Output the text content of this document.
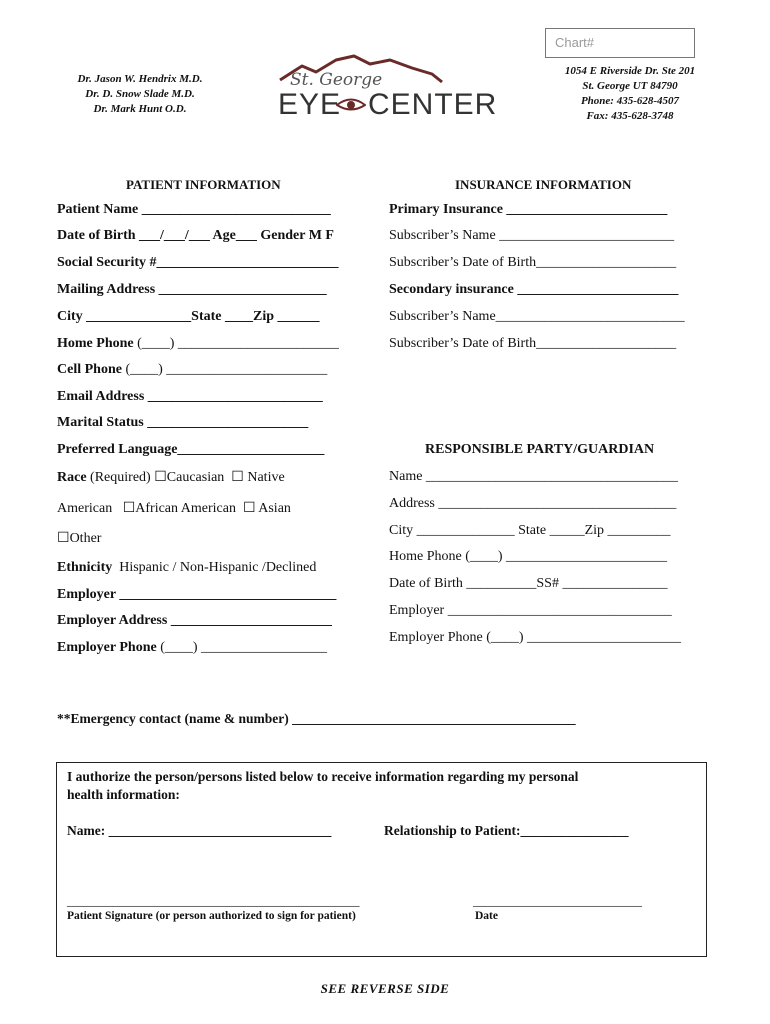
Chart#
Dr. Jason W. Hendrix M.D.
Dr. D. Snow Slade M.D.
Dr. Mark Hunt O.D.
St. George
EYE CENTER
1054 E Riverside Dr. Ste 201
St. George UT 84790
Phone: 435-628-4507
Fax: 435-628-3748
PATIENT INFORMATION	INSURANCE INFORMATION
Patient Name ___________________________
Date of Birth ___/___/___ Age___ Gender M F
Social Security #__________________________
Mailing Address ________________________
City _______________State ____Zip ______
Home Phone (____) _______________________
Cell Phone (____) _______________________
Email Address _________________________
Marital Status _______________________
Preferred Language_____________________
Race (Required) ☐Caucasian ☐ Native
American ☐African American ☐ Asian
☐Other
Ethnicity Hispanic / Non-Hispanic /Declined
Employer _______________________________
Employer Address _______________________
Employer Phone (____) __________________
Primary Insurance _______________________
Subscriber’s Name _________________________
Subscriber’s Date of Birth____________________
Secondary insurance _______________________
Subscriber’s Name___________________________
Subscriber’s Date of Birth____________________
RESPONSIBLE PARTY/GUARDIAN
Name ____________________________________
Address __________________________________
City ______________ State _____Zip _________
Home Phone (____) _______________________
Date of Birth __________SS# _______________
Employer ________________________________
Employer Phone (____) ______________________
**Emergency contact (name & number) __________________________________________
I authorize the person/persons listed below to receive information regarding my personal
health information:
Name: _________________________________	Relationship to Patient:________________
_____________________________________________
Patient Signature (or person authorized to sign for patient)
__________________________
Date
SEE REVERSE SIDE
